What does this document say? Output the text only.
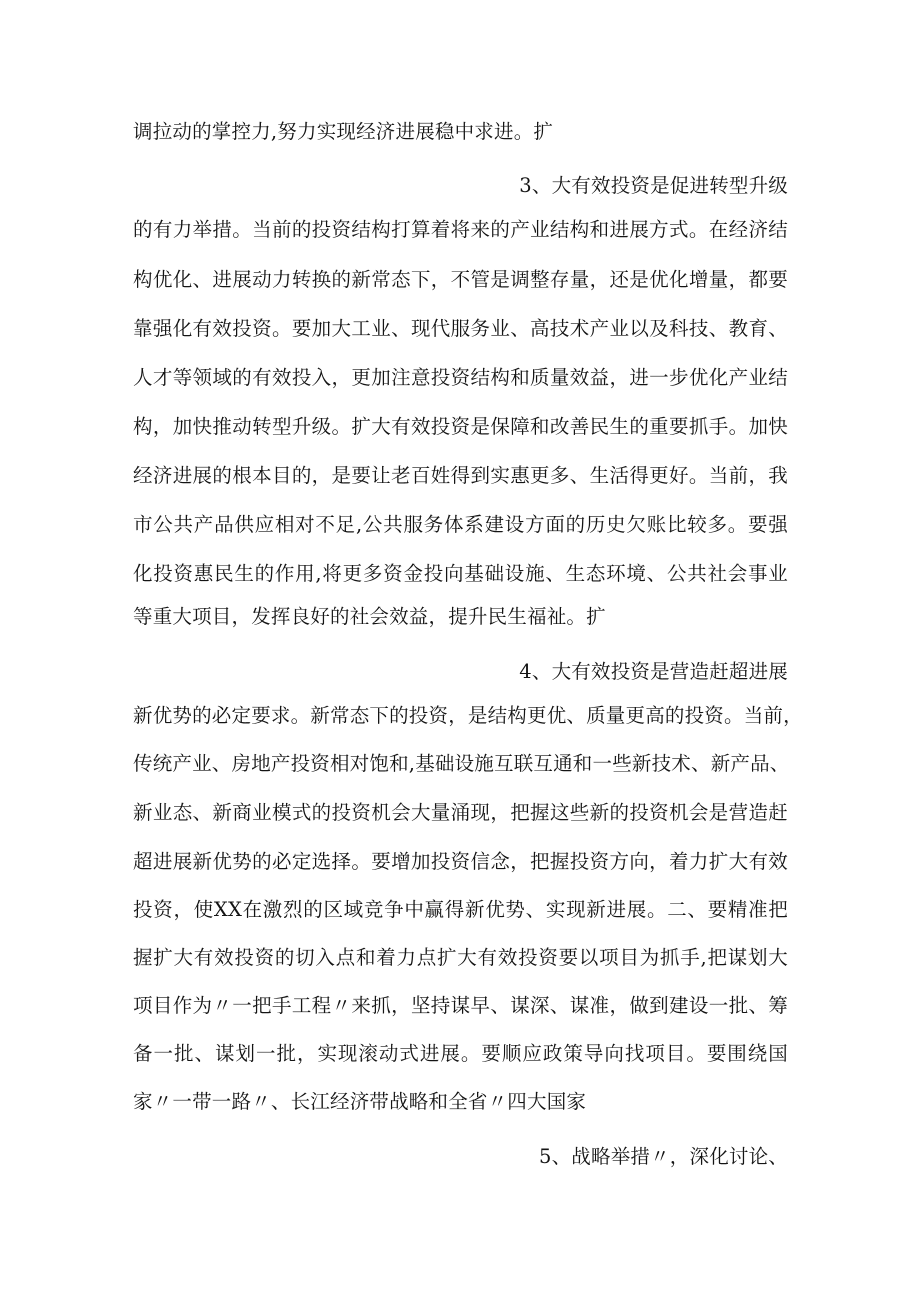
调拉动的掌控力,努力实现经济进展稳中求进。扩
3、大有效投资是促进转型升级
的有力举措。当前的投资结构打算着将来的产业结构和进展方式。在经济结
构优化、进展动力转换的新常态下，不管是调整存量，还是优化增量，都要
靠强化有效投资。要加大工业、现代服务业、高技术产业以及科技、教育、
人才等领域的有效投入，更加注意投资结构和质量效益，进一步优化产业结
构，加快推动转型升级。扩大有效投资是保障和改善民生的重要抓手。加快
经济进展的根本目的，是要让老百姓得到实惠更多、生活得更好。当前，我
市公共产品供应相对不足,公共服务体系建设方面的历史欠账比较多。要强
化投资惠民生的作用,将更多资金投向基础设施、生态环境、公共社会事业
等重大项目，发挥良好的社会效益，提升民生福祉。扩
4、大有效投资是营造赶超进展
新优势的必定要求。新常态下的投资，是结构更优、质量更高的投资。当前，
传统产业、房地产投资相对饱和,基础设施互联互通和一些新技术、新产品、
新业态、新商业模式的投资机会大量涌现，把握这些新的投资机会是营造赶
超进展新优势的必定选择。要增加投资信念，把握投资方向，着力扩大有效
投资，使XX在激烈的区域竞争中赢得新优势、实现新进展。二、要精准把
握扩大有效投资的切入点和着力点扩大有效投资要以项目为抓手,把谋划大
项目作为〃一把手工程〃来抓，坚持谋早、谋深、谋准，做到建设一批、筹
备一批、谋划一批，实现滚动式进展。要顺应政策导向找项目。要围绕国
家〃一带一路〃、长江经济带战略和全省〃四大国家
5、战略举措〃，深化讨论、
